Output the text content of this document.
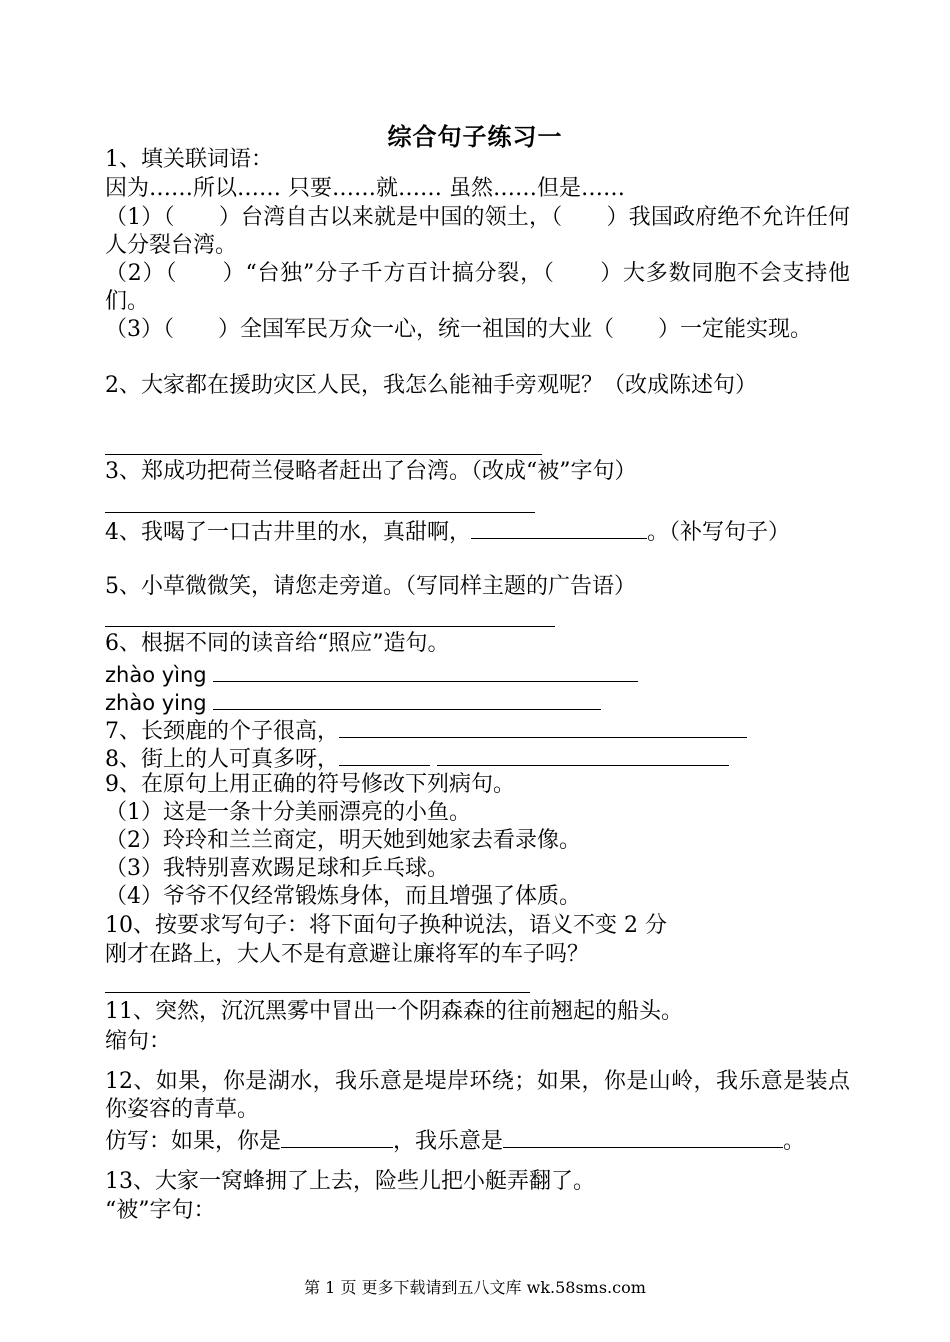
综合句子练习一
1、填关联词语：
因为……所以…… 只要……就…… 虽然……但是……
（1）（　　）台湾自古以来就是中国的领土，（　　）我国政府绝不允许任何人分裂台湾。
（2）（　　）“台独”分子千方百计搞分裂，（　　）大多数同胞不会支持他们。
（3）（　　）全国军民万众一心，统一祖国的大业（　　）一定能实现。
2、大家都在援助灾区人民，我怎么能袖手旁观呢？（改成陈述句）
3、郑成功把荷兰侵略者赶出了台湾。（改成“被”字句）
4、我喝了一口古井里的水，真甜啊，	。（补写句子）
5、小草微微笑，请您走旁道。（写同样主题的广告语）
6、根据不同的读音给“照应”造句。
zhào yìng
zhào ying
7、长颈鹿的个子很高，
8、街上的人可真多呀，
9、在原句上用正确的符号修改下列病句。
（1）这是一条十分美丽漂亮的小鱼。
（2）玲玲和兰兰商定，明天她到她家去看录像。
（3）我特别喜欢踢足球和乒乓球。
（4）爷爷不仅经常锻炼身体，而且增强了体质。
10、按要求写句子：将下面句子换种说法，语义不变 2 分
刚才在路上，大人不是有意避让廉将军的车子吗？
11、突然，沉沉黑雾中冒出一个阴森森的往前翘起的船头。
缩句：
12、如果，你是湖水，我乐意是堤岸环绕；如果，你是山岭，我乐意是装点你姿容的青草。
仿写：如果，你是	，我乐意是	。
13、大家一窝蜂拥了上去，险些儿把小艇弄翻了。
“被”字句：
第 1 页 更多下载请到五八文库 wk.58sms.com
